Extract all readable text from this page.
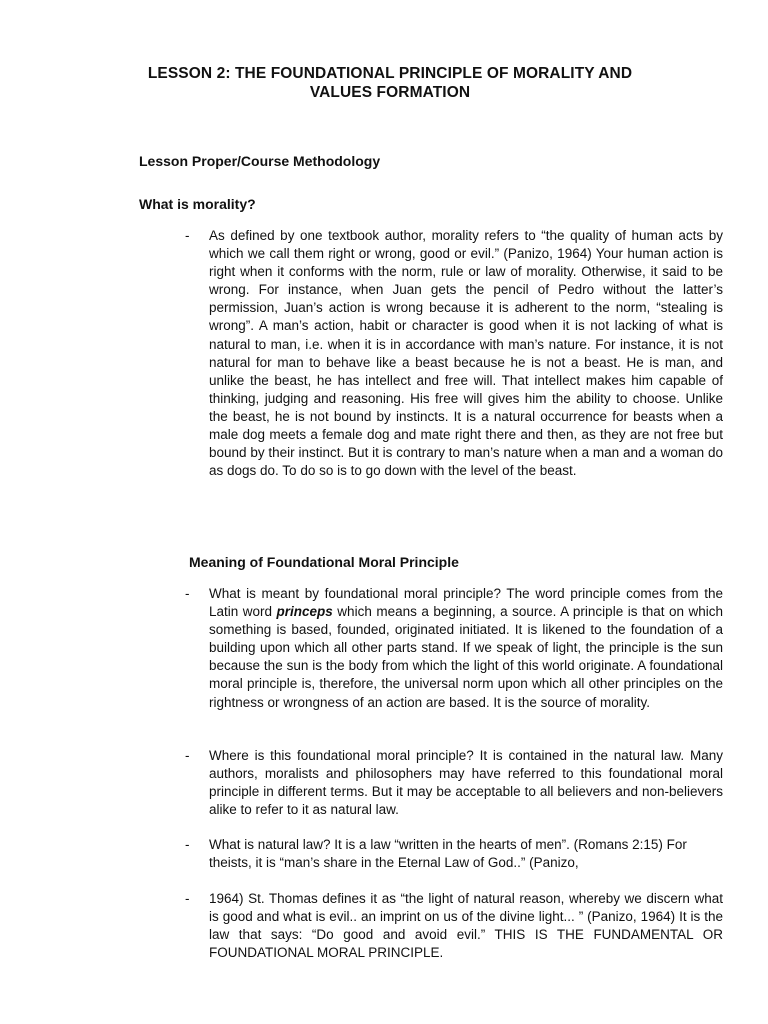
LESSON 2: THE FOUNDATIONAL PRINCIPLE OF MORALITY AND
VALUES FORMATION
Lesson Proper/Course Methodology
What is morality?
- As defined by one textbook author, morality refers to “the quality of human acts by which we call them right or wrong, good or evil.” (Panizo, 1964) Your human action is right when it conforms with the norm, rule or law of morality. Otherwise, it said to be wrong. For instance, when Juan gets the pencil of Pedro without the latter’s permission, Juan’s action is wrong because it is adherent to the norm, “stealing is wrong”. A man’s action, habit or character is good when it is not lacking of what is natural to man, i.e. when it is in accordance with man’s nature. For instance, it is not natural for man to behave like a beast because he is not a beast. He is man, and unlike the beast, he has intellect and free will. That intellect makes him capable of thinking, judging and reasoning. His free will gives him the ability to choose. Unlike the beast, he is not bound by instincts. It is a natural occurrence for beasts when a male dog meets a female dog and mate right there and then, as they are not free but bound by their instinct. But it is contrary to man’s nature when a man and a woman do as dogs do. To do so is to go down with the level of the beast.
Meaning of Foundational Moral Principle
- What is meant by foundational moral principle? The word principle comes from the Latin word princeps which means a beginning, a source. A principle is that on which something is based, founded, originated initiated. It is likened to the foundation of a building upon which all other parts stand. If we speak of light, the principle is the sun because the sun is the body from which the light of this world originate. A foundational moral principle is, therefore, the universal norm upon which all other principles on the rightness or wrongness of an action are based. It is the source of morality.
- Where is this foundational moral principle? It is contained in the natural law. Many authors, moralists and philosophers may have referred to this foundational moral principle in different terms. But it may be acceptable to all believers and non-believers alike to refer to it as natural law.
- What is natural law? It is a law “written in the hearts of men”. (Romans 2:15) For theists, it is “man’s share in the Eternal Law of God..” (Panizo,
- 1964) St. Thomas defines it as “the light of natural reason, whereby we discern what is good and what is evil.. an imprint on us of the divine light... ” (Panizo, 1964) It is the law that says: “Do good and avoid evil.” THIS IS THE FUNDAMENTAL OR FOUNDATIONAL MORAL PRINCIPLE.
